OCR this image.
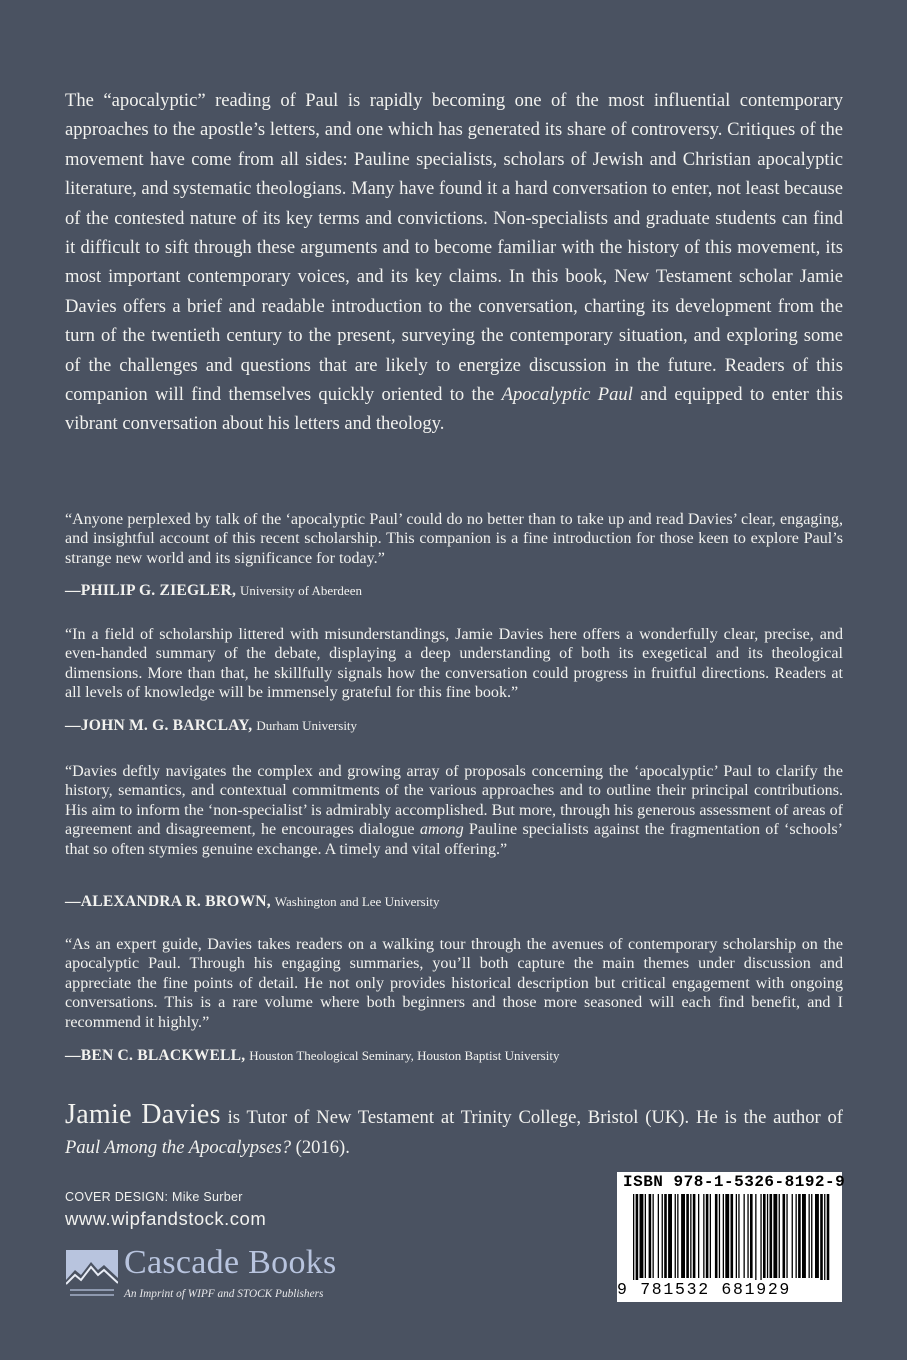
The “apocalyptic” reading of Paul is rapidly becoming one of the most influential contemporary approaches to the apostle’s letters, and one which has generated its share of controversy. Critiques of the movement have come from all sides: Pauline specialists, scholars of Jewish and Christian apocalyptic literature, and systematic theologians. Many have found it a hard conversation to enter, not least because of the contested nature of its key terms and convictions. Non-specialists and graduate students can find it difficult to sift through these arguments and to become familiar with the history of this movement, its most important contemporary voices, and its key claims. In this book, New Testament scholar Jamie Davies offers a brief and readable introduction to the conversation, charting its development from the turn of the twentieth century to the present, surveying the contemporary situation, and exploring some of the challenges and questions that are likely to energize discussion in the future. Readers of this companion will find themselves quickly oriented to the Apocalyptic Paul and equipped to enter this vibrant conversation about his letters and theology.

“Anyone perplexed by talk of the ‘apocalyptic Paul’ could do no better than to take up and read Davies’ clear, engaging, and insightful account of this recent scholarship. This companion is a fine introduction for those keen to explore Paul’s strange new world and its significance for today.”

—PHILIP G. ZIEGLER, University of Aberdeen

“In a field of scholarship littered with misunderstandings, Jamie Davies here offers a wonderfully clear, precise, and even-handed summary of the debate, displaying a deep understanding of both its exegetical and its theological dimensions. More than that, he skillfully signals how the conversation could progress in fruitful directions. Readers at all levels of knowledge will be immensely grateful for this fine book.”

—JOHN M. G. BARCLAY, Durham University

“Davies deftly navigates the complex and growing array of proposals concerning the ‘apocalyptic’ Paul to clarify the history, semantics, and contextual commitments of the various approaches and to outline their principal contributions. His aim to inform the ‘non-specialist’ is admirably accomplished. But more, through his generous assessment of areas of agreement and disagreement, he encourages dialogue among Pauline specialists against the fragmentation of ‘schools’ that so often stymies genuine exchange. A timely and vital offering.”

—ALEXANDRA R. BROWN, Washington and Lee University

“As an expert guide, Davies takes readers on a walking tour through the avenues of contemporary scholarship on the apocalyptic Paul. Through his engaging summaries, you’ll both capture the main themes under discussion and appreciate the fine points of detail. He not only provides historical description but critical engagement with ongoing conversations. This is a rare volume where both beginners and those more seasoned will each find benefit, and I recommend it highly.”

—BEN C. BLACKWELL, Houston Theological Seminary, Houston Baptist University

Jamie Davies is Tutor of New Testament at Trinity College, Bristol (UK). He is the author of Paul Among the Apocalypses? (2016).

COVER DESIGN: Mike Surber

www.wipfandstock.com

Cascade Books
An Imprint of WIPF and STOCK Publishers
ISBN 978-1-5326-8192-9
9 781532 681929
